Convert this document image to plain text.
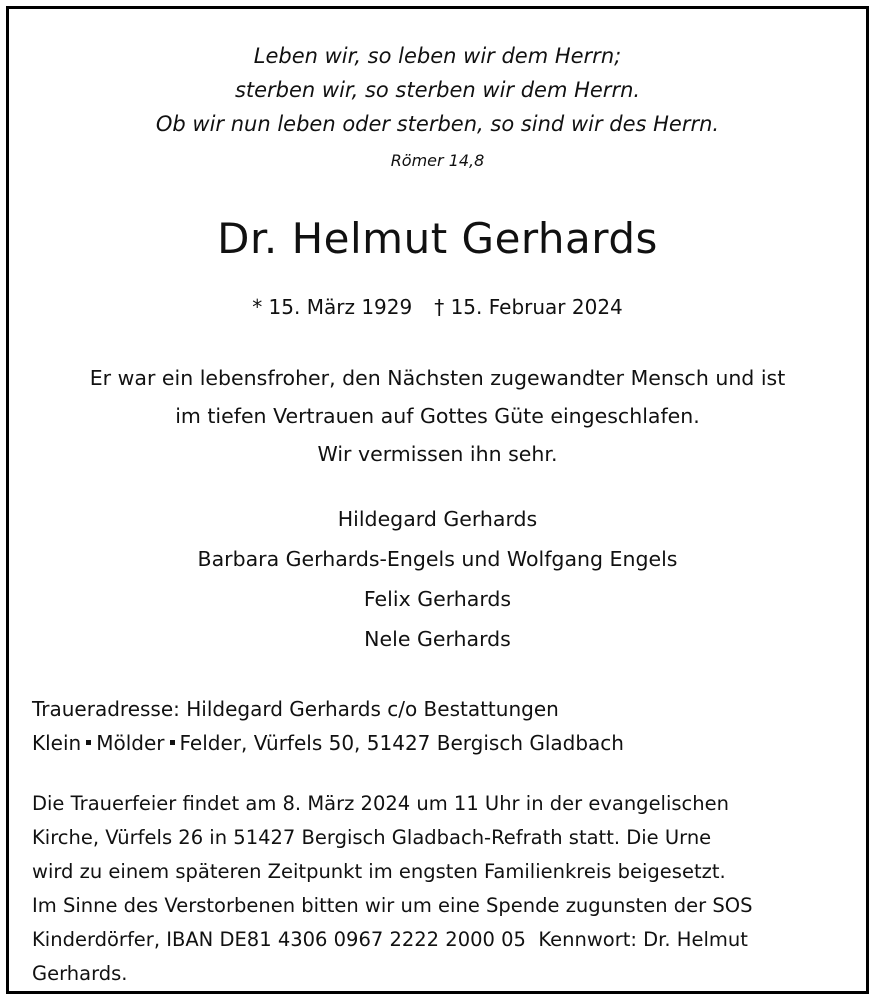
Leben wir, so leben wir dem Herrn;
sterben wir, so sterben wir dem Herrn.
Ob wir nun leben oder sterben, so sind wir des Herrn.
Römer 14,8
Dr. Helmut Gerhards
* 15. März 1929 † 15. Februar 2024
Er war ein lebensfroher, den Nächsten zugewandter Mensch und ist
im tiefen Vertrauen auf Gottes Güte eingeschlafen.
Wir vermissen ihn sehr.
Hildegard Gerhards
Barbara Gerhards-Engels und Wolfgang Engels
Felix Gerhards
Nele Gerhards
Traueradresse: Hildegard Gerhards c/o Bestattungen
Klein Mölder Felder, Vürfels 50, 51427 Bergisch Gladbach
Die Trauerfeier findet am 8. März 2024 um 11 Uhr in der evangelischen
Kirche, Vürfels 26 in 51427 Bergisch Gladbach-Refrath statt. Die Urne
wird zu einem späteren Zeitpunkt im engsten Familienkreis beigesetzt.
Im Sinne des Verstorbenen bitten wir um eine Spende zugunsten der SOS
Kinderdörfer, IBAN DE81 4306 0967 2222 2000 05  Kennwort: Dr. Helmut
Gerhards.
